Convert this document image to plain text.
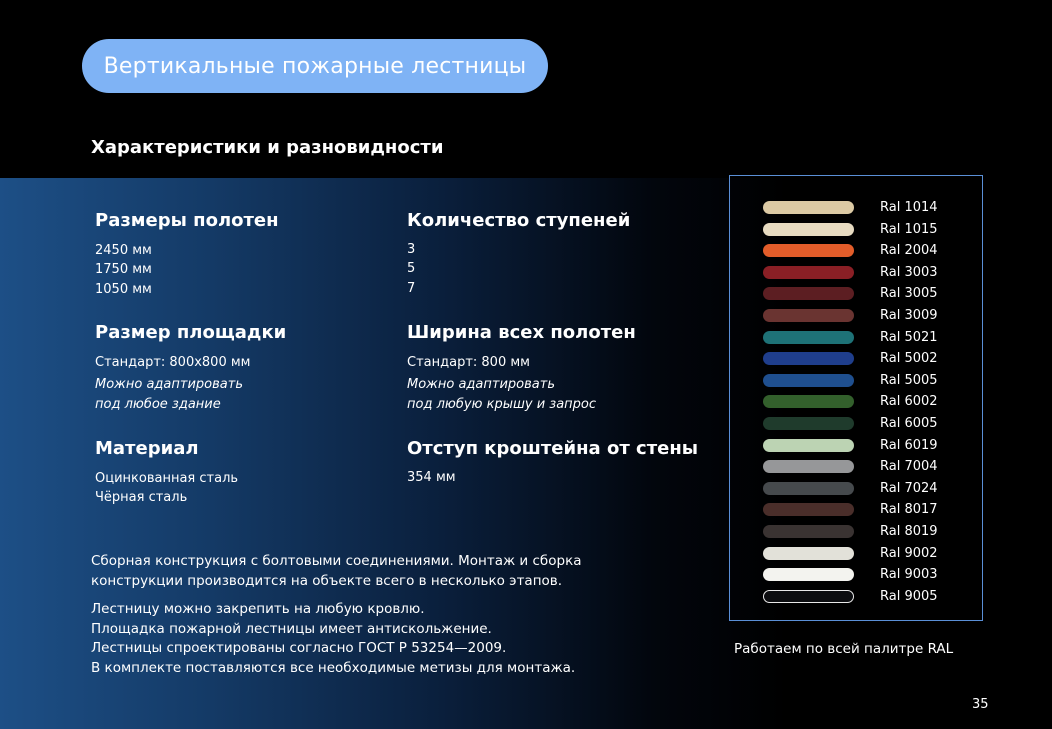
Вертикальные пожарные лестницы
Характеристики и разновидности
Размеры полотен
2450 мм
1750 мм
1050 мм
Размер площадки
Стандарт: 800х800 мм
Можно адаптировать
под любое здание
Материал
Оцинкованная сталь
Чёрная сталь
Количество ступеней
3
5
7
Ширина всех полотен
Стандарт: 800 мм
Можно адаптировать
под любую крышу и запрос
Отступ кроштейна от стены
354 мм
Сборная конструкция с болтовыми соединениями. Монтаж и сборка
конструкции производится на объекте всего в несколько этапов.
Лестницу можно закрепить на любую кровлю.
Площадка пожарной лестницы имеет антискольжение.
Лестницы спроектированы согласно ГОСТ Р 53254—2009.
В комплекте поставляются все необходимые метизы для монтажа.
Ral 1014
Ral 1015
Ral 2004
Ral 3003
Ral 3005
Ral 3009
Ral 5021
Ral 5002
Ral 5005
Ral 6002
Ral 6005
Ral 6019
Ral 7004
Ral 7024
Ral 8017
Ral 8019
Ral 9002
Ral 9003
Ral 9005
Работаем по всей палитре RAL
35
